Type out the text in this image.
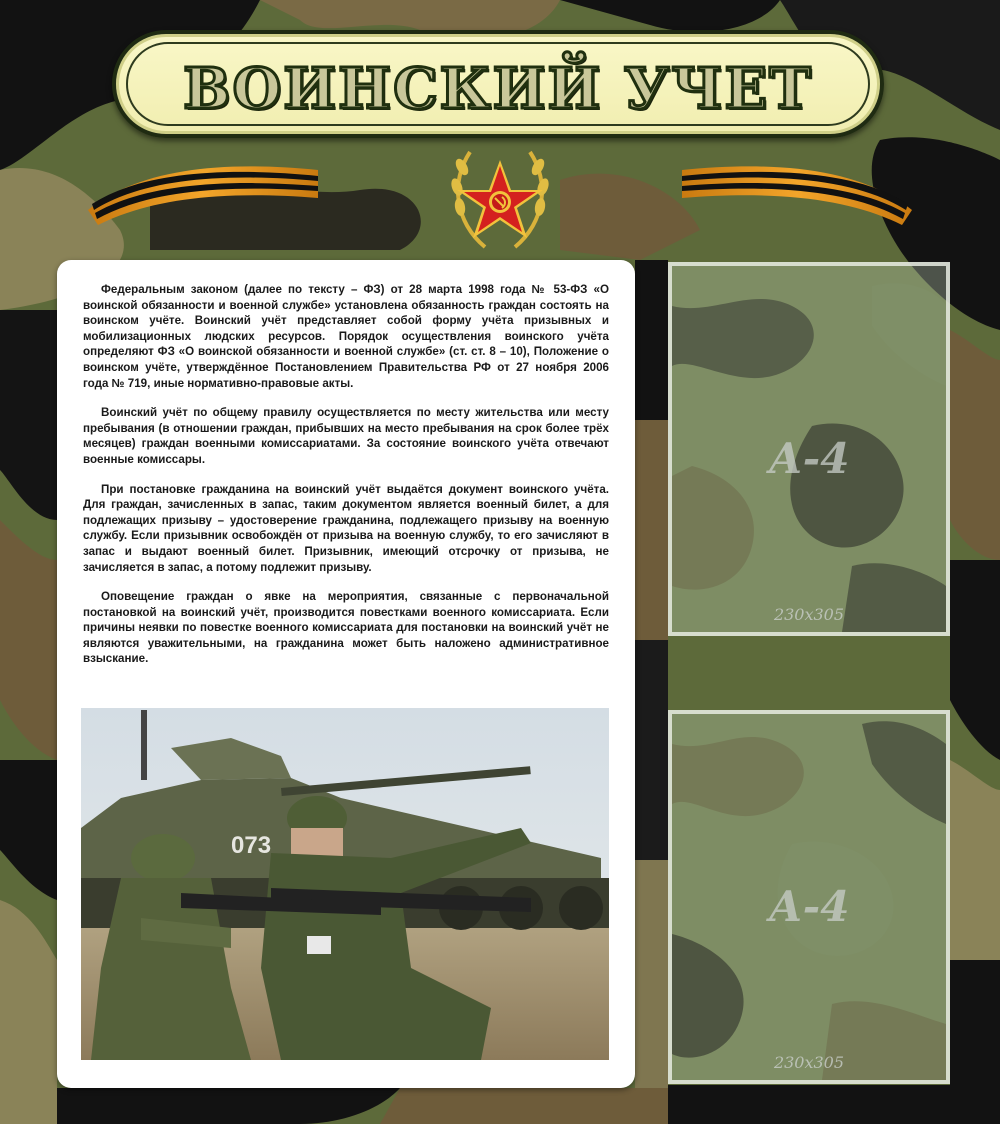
ВОИНСКИЙ УЧЕТ

Федеральным законом (далее по тексту – ФЗ) от 28 марта 1998 года № 53-ФЗ «О воинской обязанности и военной службе» установлена обязанность граждан состоять на воинском учёте. Воинский учёт представляет собой форму учёта призывных и мобилизационных людских ресурсов. Порядок осуществления воинского учёта определяют ФЗ «О воинской обязанности и военной службе» (ст. ст. 8 – 10), Положение о воинском учёте, утверждённое Постановлением Правительства РФ от 27 ноября 2006 года № 719, иные нормативно-правовые акты.

Воинский учёт по общему правилу осуществляется по месту жительства или месту пребывания (в отношении граждан, прибывших на место пребывания на срок более трёх месяцев) граждан военными комиссариатами. За состояние воинского учёта отвечают военные комиссары.

При постановке гражданина на воинский учёт выдаётся документ воинского учёта. Для граждан, зачисленных в запас, таким документом является военный билет, а для подлежащих призыву – удостоверение гражданина, подлежащего призыву на военную службу. Если призывник освобождён от призыва на военную службу, то его зачисляют в запас и выдают военный билет. Призывник, имеющий отсрочку от призыва, не зачисляется в запас, а потому подлежит призыву.

Оповещение граждан о явке на мероприятия, связанные с первоначальной постановкой на воинский учёт, производится повестками военного комиссариата. Если причины неявки по повестке военного комиссариата для постановки на воинский учёт не являются уважительными, на гражданина может быть наложено административное взыскание.

073
А-4
230x305
А-4
230x305
